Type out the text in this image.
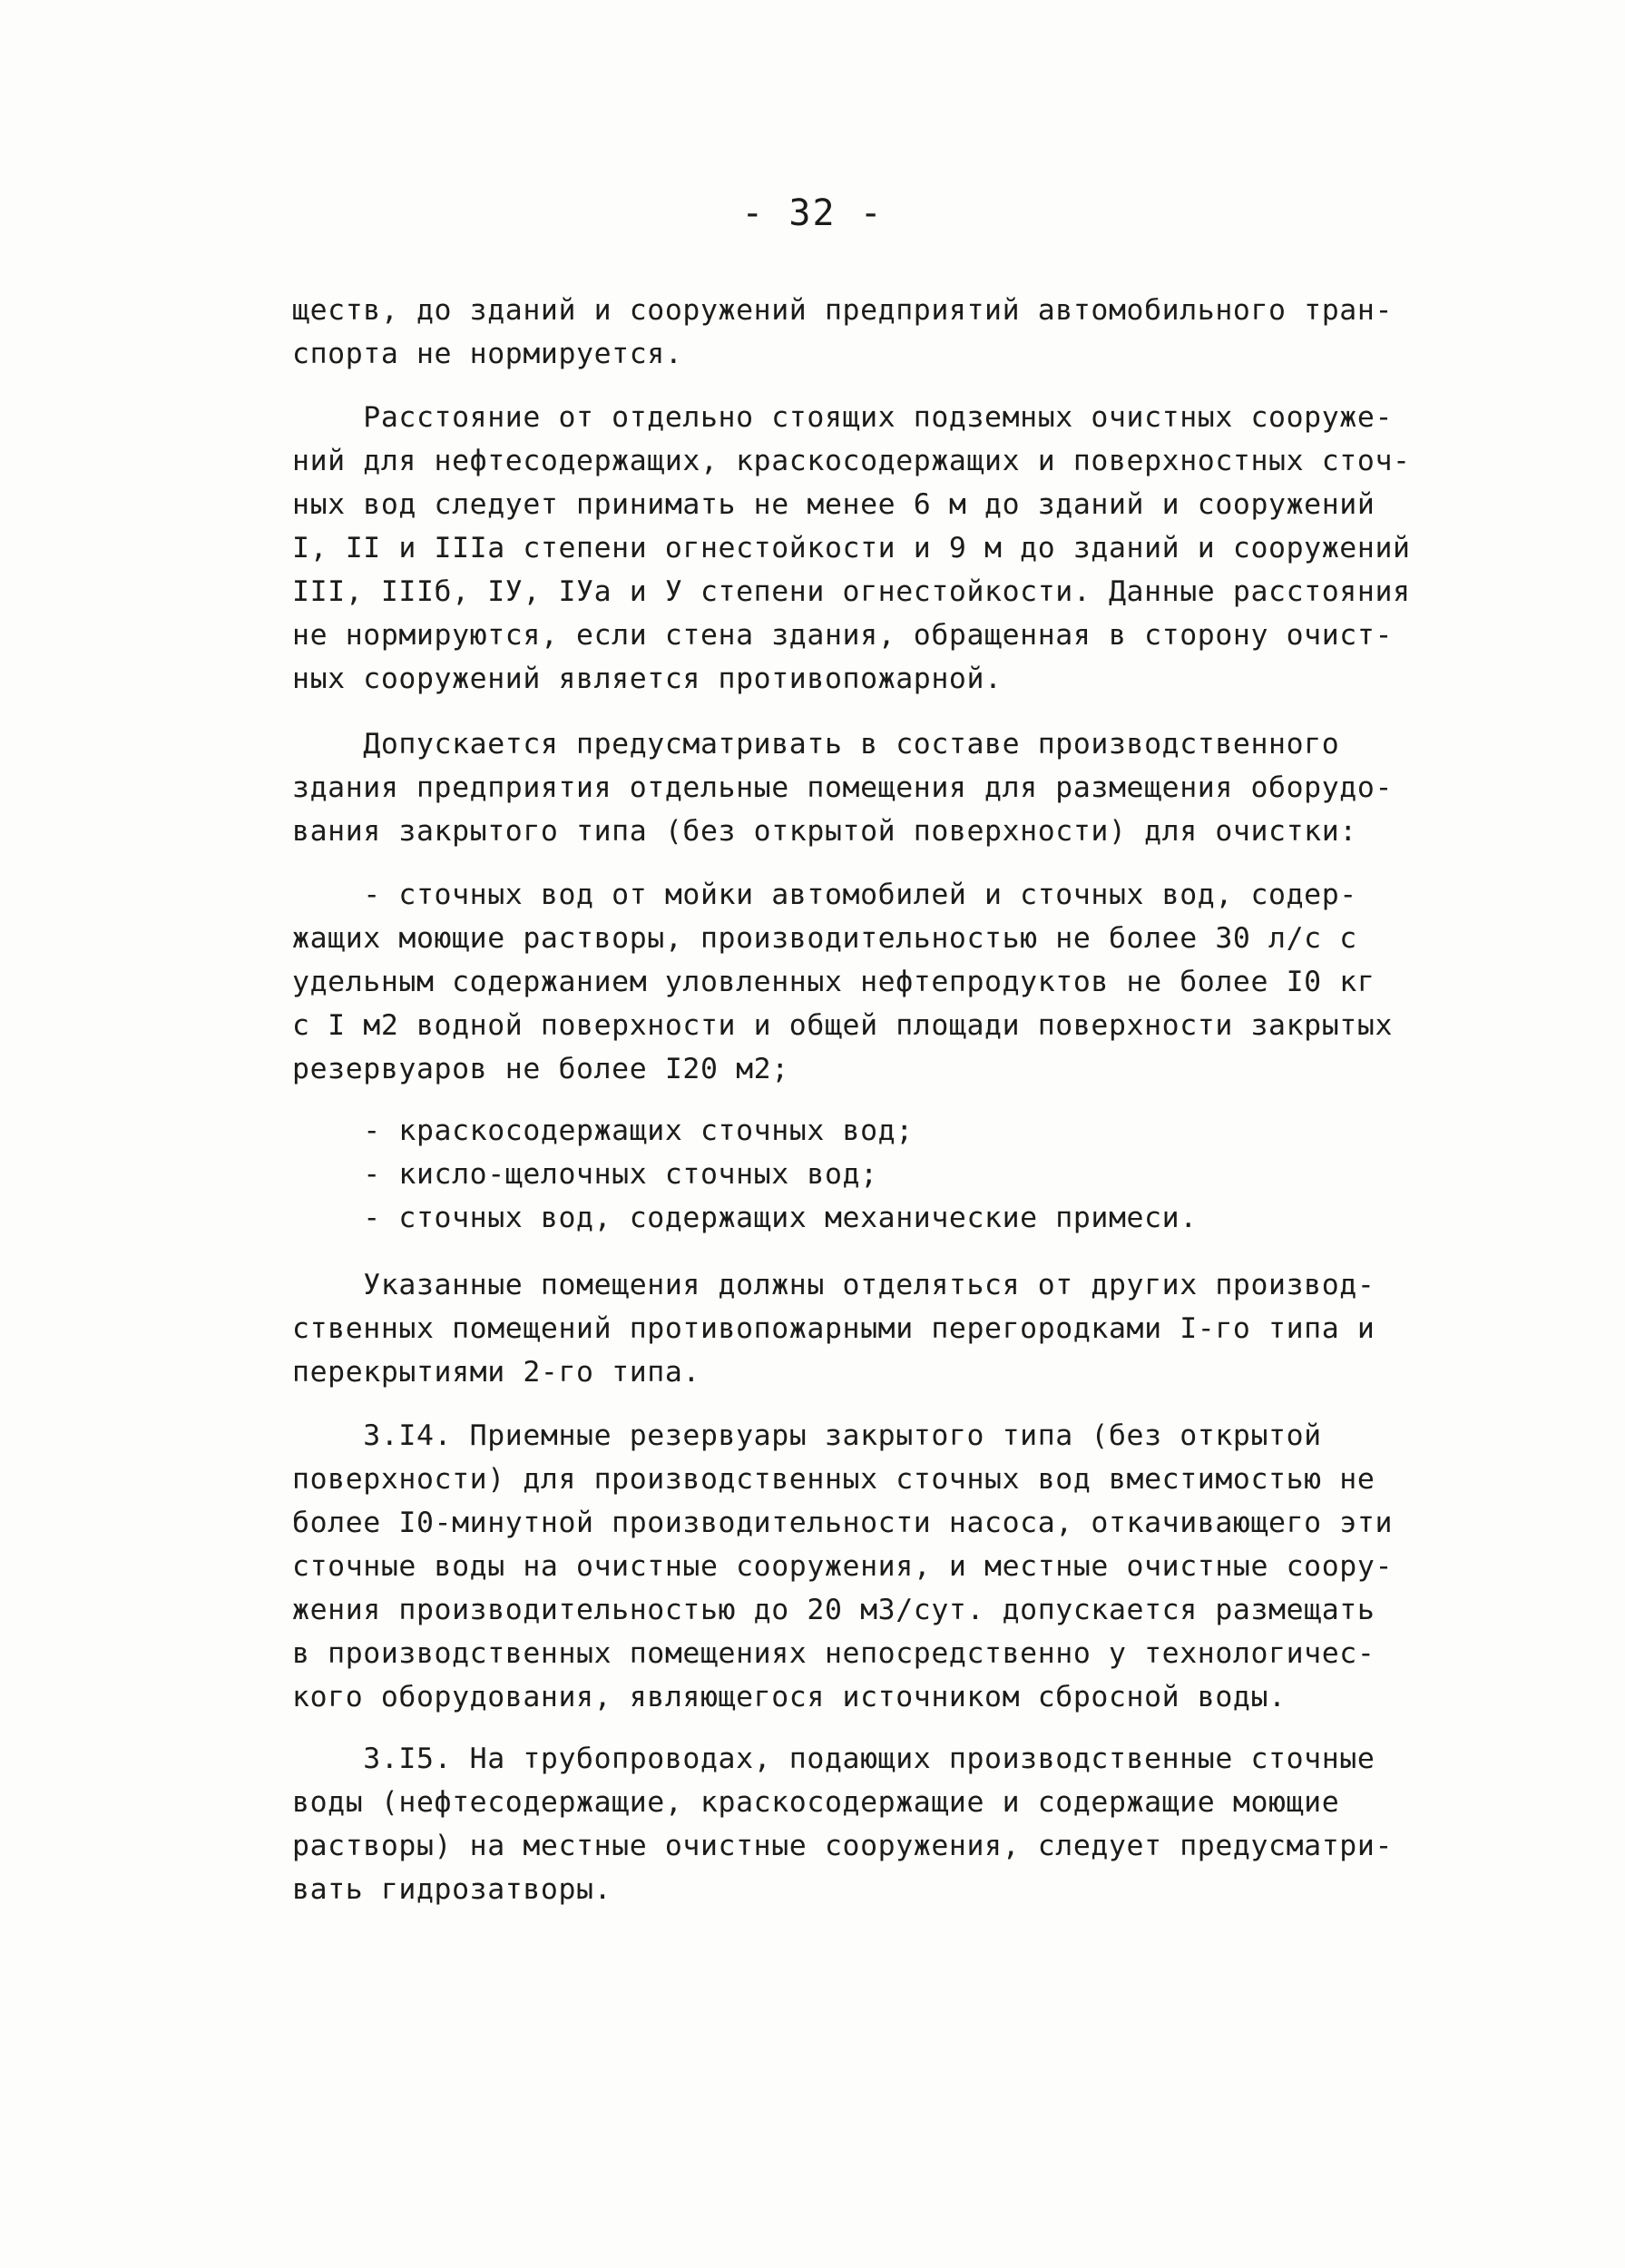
- 32 -
ществ, до зданий и сооружений предприятий автомобильного тран-
спорта не нормируется.
Расстояние от отдельно стоящих подземных очистных сооруже-
ний для нефтесодержащих, краскосодержащих и поверхностных сточ-
ных вод следует принимать не менее 6 м до зданий и сооружений
I, II и IIIа степени огнестойкости и 9 м до зданий и сооружений
III, IIIб, IУ, IУа и У степени огнестойкости. Данные расстояния
не нормируются, если стена здания, обращенная в сторону очист-
ных сооружений является противопожарной.
Допускается предусматривать в составе производственного
здания предприятия отдельные помещения для размещения оборудо-
вания закрытого типа (без открытой поверхности) для очистки:
- сточных вод от мойки автомобилей и сточных вод, содер-
жащих моющие растворы, производительностью не более 30 л/с с
удельным содержанием уловленных нефтепродуктов не более I0 кг
с I м2 водной поверхности и общей площади поверхности закрытых
резервуаров не более I20 м2;
- краскосодержащих сточных вод;
- кисло-щелочных сточных вод;
- сточных вод, содержащих механические примеси.
Указанные помещения должны отделяться от других производ-
ственных помещений противопожарными перегородками I-го типа и
перекрытиями 2-го типа.
3.I4. Приемные резервуары закрытого типа (без открытой
поверхности) для производственных сточных вод вместимостью не
более I0-минутной производительности насоса, откачивающего эти
сточные воды на очистные сооружения, и местные очистные соору-
жения производительностью до 20 м3/сут. допускается размещать
в производственных помещениях непосредственно у технологичес-
кого оборудования, являющегося источником сбросной воды.
3.I5. На трубопроводах, подающих производственные сточные
воды (нефтесодержащие, краскосодержащие и содержащие моющие
растворы) на местные очистные сооружения, следует предусматри-
вать гидрозатворы.
